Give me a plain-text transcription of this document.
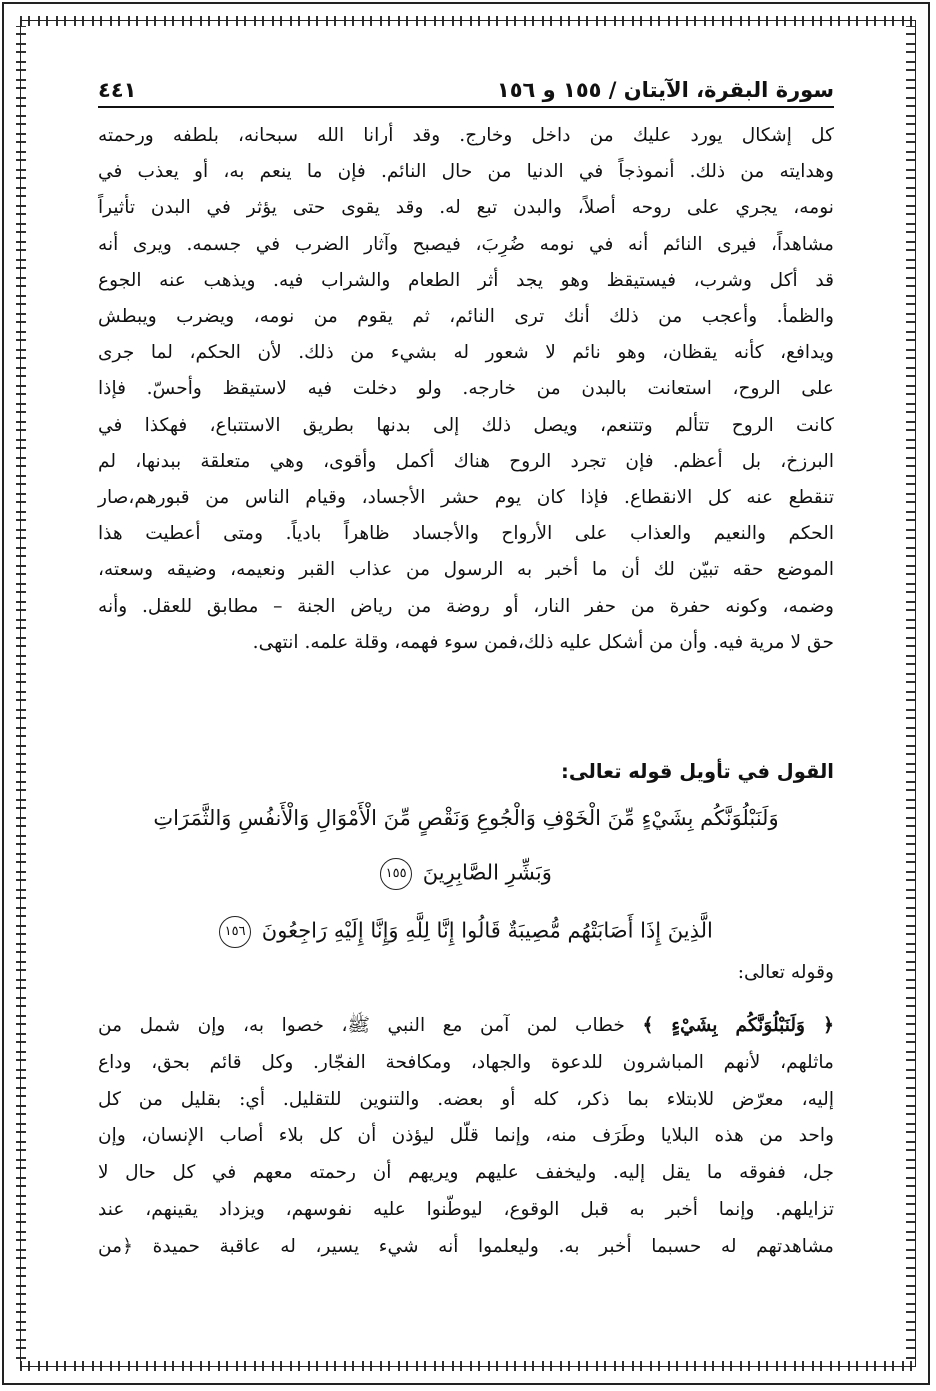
سورة البقرة، الآيتان / ١٥٥ و ١٥٦
٤٤١

كل إشكال يورد عليك من داخل وخارج. وقد أرانا الله سبحانه، بلطفه ورحمته

وهدايته من ذلك. أنموذجاً في الدنيا من حال النائم. فإن ما ينعم به، أو يعذب في

نومه، يجري على روحه أصلاً، والبدن تبع له. وقد يقوى حتى يؤثر في البدن تأثيراً

مشاهداً، فيرى النائم أنه في نومه ضُرِبَ، فيصبح وآثار الضرب في جسمه. ويرى أنه

قد أكل وشرب، فيستيقظ وهو يجد أثر الطعام والشراب فيه. ويذهب عنه الجوع

والظمأ. وأعجب من ذلك أنك ترى النائم، ثم يقوم من نومه، ويضرب ويبطش

ويدافع، كأنه يقظان، وهو نائم لا شعور له بشيء من ذلك. لأن الحكم، لما جرى

على الروح، استعانت بالبدن من خارجه. ولو دخلت فيه لاستيقظ وأحسّ. فإذا

كانت الروح تتألم وتتنعم، ويصل ذلك إلى بدنها بطريق الاستتباع، فهكذا في

البرزخ، بل أعظم. فإن تجرد الروح هناك أكمل وأقوى، وهي متعلقة ببدنها، لم

تنقطع عنه كل الانقطاع. فإذا كان يوم حشر الأجساد، وقيام الناس من قبورهم،صار

الحكم والنعيم والعذاب على الأرواح والأجساد ظاهراً بادياً. ومتى أعطيت هذا

الموضع حقه تبيّن لك أن ما أخبر به الرسول من عذاب القبر ونعيمه، وضيقه وسعته،

وضمه، وكونه حفرة من حفر النار، أو روضة من رياض الجنة – مطابق للعقل. وأنه

حق لا مرية فيه. وأن من أشكل عليه ذلك،فمن سوء فهمه، وقلة علمه. انتهى.

القول في تأويل قوله تعالى:
وَلَنَبْلُوَنَّكُم بِشَيْءٍ مِّنَ الْخَوْفِ وَالْجُوعِ وَنَقْصٍ مِّنَ الْأَمْوَالِ وَالْأَنفُسِ وَالثَّمَرَاتِ
وَبَشِّرِ الصَّابِرِينَ ١٥٥
الَّذِينَ إِذَا أَصَابَتْهُم مُّصِيبَةٌ قَالُوا إِنَّا لِلَّهِ وَإِنَّا إِلَيْهِ رَاجِعُونَ ١٥٦
وقوله تعالى:

﴿ وَلَنَبْلُوَنَّكُم بِشَيْءٍ ﴾ خطاب لمن آمن مع النبي ﷺ، خصوا به، وإن شمل من

ماثلهم، لأنهم المباشرون للدعوة والجهاد، ومكافحة الفجّار. وكل قائم بحق، وداع

إليه، معرّض للابتلاء بما ذكر، كله أو بعضه. والتنوين للتقليل. أي: بقليل من كل

واحد من هذه البلايا وطَرَف منه، وإنما قلّل ليؤذن أن كل بلاء أصاب الإنسان، وإن

جل، ففوقه ما يقل إليه. وليخفف عليهم ويريهم أن رحمته معهم في كل حال لا

تزايلهم. وإنما أخبر به قبل الوقوع، ليوطّنوا عليه نفوسهم، ويزداد يقينهم، عند

مشاهدتهم له حسبما أخبر به. وليعلموا أنه شيء يسير، له عاقبة حميدة ﴿من
